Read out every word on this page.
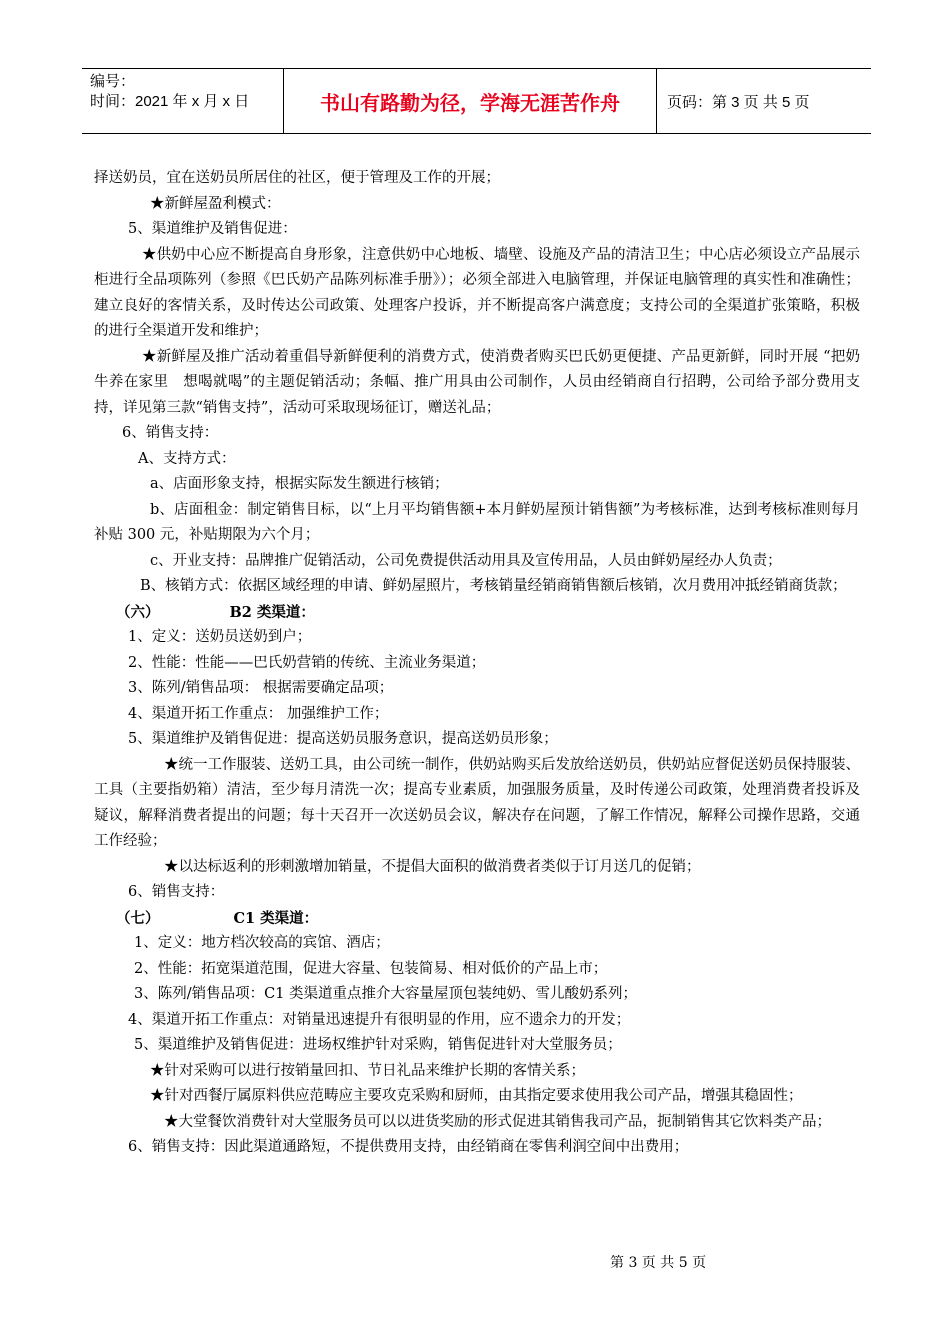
编号：
时间：2021 年 x 月 x 日	书山有路勤为径，学海无涯苦作舟	页码：第 3 页 共 5 页

择送奶员，宜在送奶员所居住的社区，便于管理及工作的开展；

★新鲜屋盈利模式：

5、渠道维护及销售促进：

★供奶中心应不断提高自身形象，注意供奶中心地板、墙壁、设施及产品的清洁卫生；中心店必须设立产品展示柜进行全品项陈列（参照《巴氏奶产品陈列标准手册》）；必须全部进入电脑管理，并保证电脑管理的真实性和准确性；建立良好的客情关系，及时传达公司政策、处理客户投诉，并不断提高客户满意度；支持公司的全渠道扩张策略，积极的进行全渠道开发和维护；

★新鲜屋及推广活动着重倡导新鲜便利的消费方式，使消费者购买巴氏奶更便捷、产品更新鲜，同时开展 “把奶牛养在家里　想喝就喝”的主题促销活动；条幅、推广用具由公司制作，人员由经销商自行招聘，公司给予部分费用支持，详见第三款“销售支持”，活动可采取现场征订，赠送礼品；

6、销售支持：

A、支持方式：

a、店面形象支持，根据实际发生额进行核销；

b、店面租金：制定销售目标，以“上月平均销售额+本月鲜奶屋预计销售额”为考核标准，达到考核标准则每月补贴 300 元，补贴期限为六个月；

c、开业支持：品牌推广促销活动，公司免费提供活动用具及宣传用品，人员由鲜奶屋经办人负责；

B、核销方式：依据区域经理的申请、鲜奶屋照片，考核销量经销商销售额后核销，次月费用冲抵经销商货款；

（六）	B2 类渠道：

1、定义：送奶员送奶到户；

2、性能：性能——巴氏奶营销的传统、主流业务渠道；

3、陈列/销售品项： 根据需要确定品项；

4、渠道开拓工作重点： 加强维护工作；

5、渠道维护及销售促进：提高送奶员服务意识，提高送奶员形象；

★统一工作服装、送奶工具，由公司统一制作，供奶站购买后发放给送奶员，供奶站应督促送奶员保持服装、工具（主要指奶箱）清洁，至少每月清洗一次；提高专业素质，加强服务质量，及时传递公司政策，处理消费者投诉及疑议，解释消费者提出的问题；每十天召开一次送奶员会议，解决存在问题，了解工作情况，解释公司操作思路，交通工作经验；

★以达标返利的形刺激增加销量，不提倡大面积的做消费者类似于订月送几的促销；

6、销售支持：

（七）	C1 类渠道：

1、定义：地方档次较高的宾馆、酒店；

2、性能：拓宽渠道范围，促进大容量、包装简易、相对低价的产品上市；

3、陈列/销售品项：C1 类渠道重点推介大容量屋顶包装纯奶、雪儿酸奶系列；

4、渠道开拓工作重点：对销量迅速提升有很明显的作用，应不遗余力的开发；

5、渠道维护及销售促进：进场权维护针对采购，销售促进针对大堂服务员；

★针对采购可以进行按销量回扣、节日礼品来维护长期的客情关系；

★针对西餐厅属原料供应范畴应主要攻克采购和厨师，由其指定要求使用我公司产品，增强其稳固性；

★大堂餐饮消费针对大堂服务员可以以进货奖励的形式促进其销售我司产品，扼制销售其它饮料类产品；

6、销售支持：因此渠道通路短，不提供费用支持，由经销商在零售利润空间中出费用；

第 3 页 共 5 页
